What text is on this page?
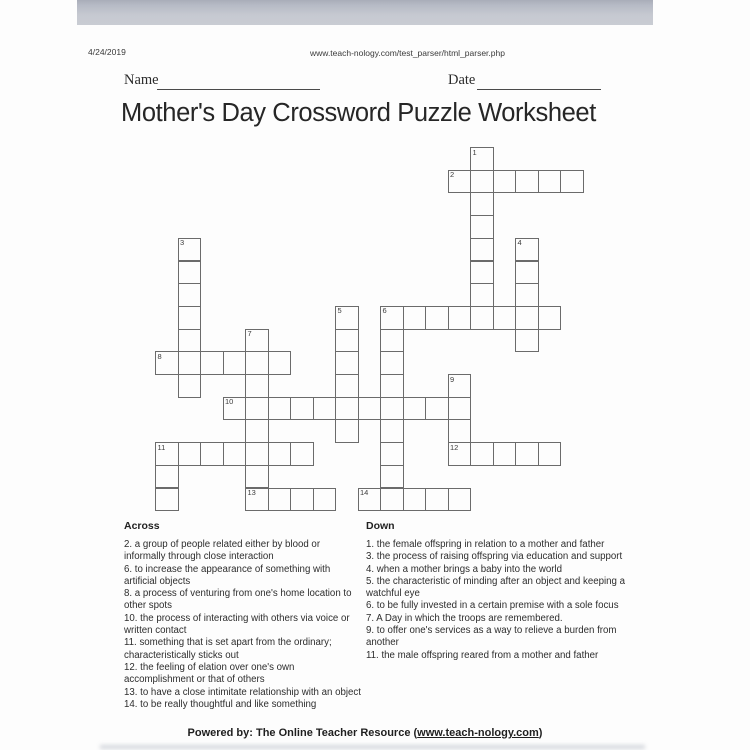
4/24/2019	www.teach-nology.com/test_parser/html_parser.php
Name	Date
Mother's Day Crossword Puzzle Worksheet
1
2
3	4
5	6
7
13
8
9
12
10
11
14
Across
2. a group of people related either by blood or informally through close interaction
6. to increase the appearance of something with artificial objects
8. a process of venturing from one's home location to other spots
10. the process of interacting with others via voice or written contact
11. something that is set apart from the ordinary; characteristically sticks out
12. the feeling of elation over one's own accomplishment or that of others
13. to have a close intimitate relationship with an object
14. to be really thoughtful and like something
Down
1. the female offspring in relation to a mother and father
3. the process of raising offspring via education and support
4. when a mother brings a baby into the world
5. the characteristic of minding after an object and keeping a watchful eye
6. to be fully invested in a certain premise with a sole focus
7. A Day in which the troops are remembered.
9. to offer one's services as a way to relieve a burden from another
11. the male offspring reared from a mother and father
Powered by: The Online Teacher Resource (www.teach-nology.com)
